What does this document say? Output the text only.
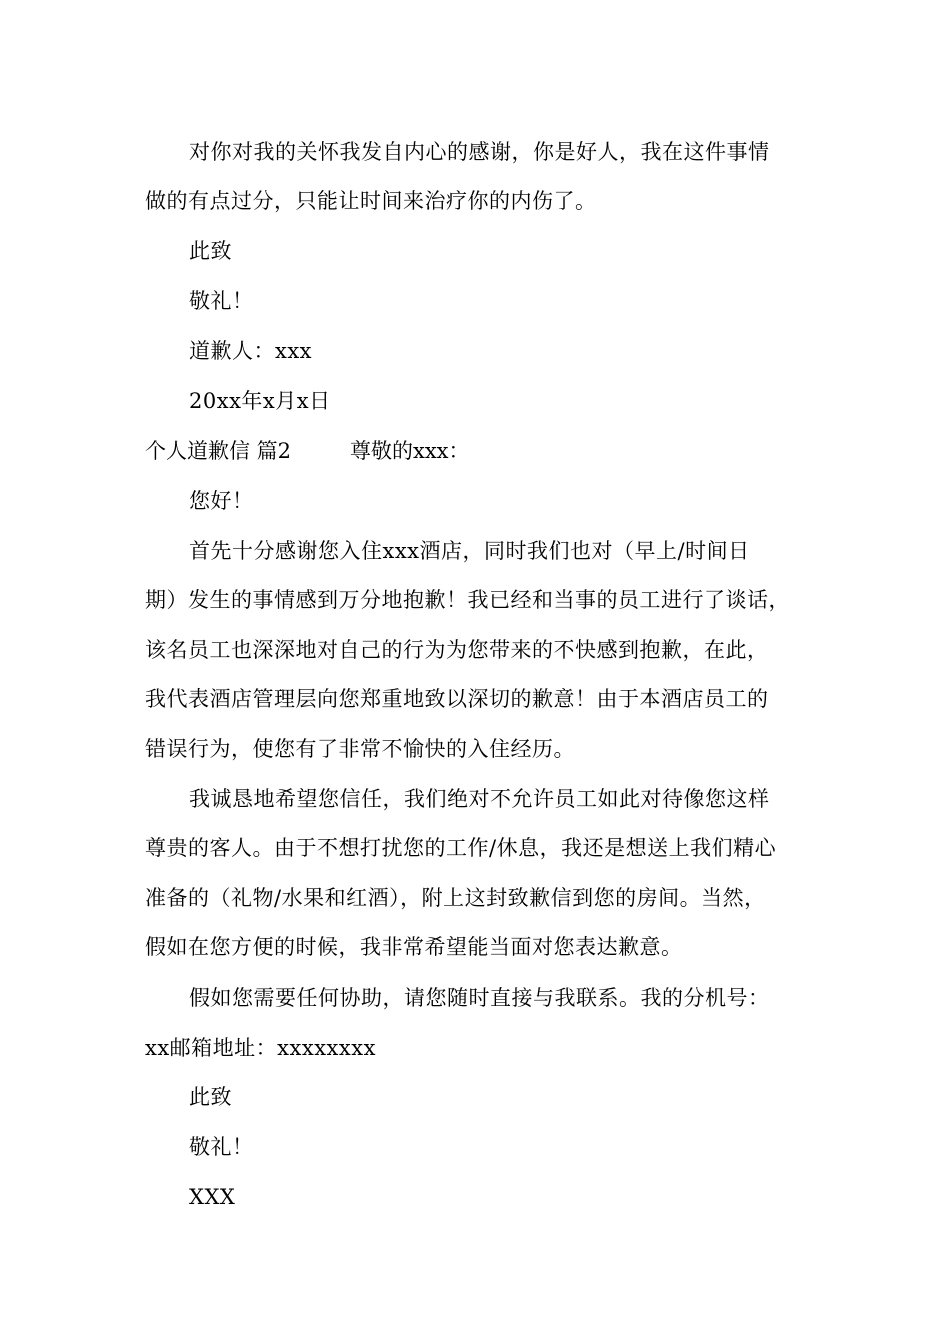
对你对我的关怀我发自内心的感谢，你是好人，我在这件事情
做的有点过分，只能让时间来治疗你的内伤了。
此致
敬礼！
道歉人：xxx
20xx年x月x日
个人道歉信 篇2	尊敬的xxx：
您好！
首先十分感谢您入住xxx酒店，同时我们也对（早上/时间日
期）发生的事情感到万分地抱歉！我已经和当事的员工进行了谈话，
该名员工也深深地对自己的行为为您带来的不快感到抱歉，在此，
我代表酒店管理层向您郑重地致以深切的歉意！由于本酒店员工的
错误行为，使您有了非常不愉快的入住经历。
我诚恳地希望您信任，我们绝对不允许员工如此对待像您这样
尊贵的客人。由于不想打扰您的工作/休息，我还是想送上我们精心
准备的（礼物/水果和红酒），附上这封致歉信到您的房间。当然，
假如在您方便的时候，我非常希望能当面对您表达歉意。
假如您需要任何协助，请您随时直接与我联系。我的分机号：
xx邮箱地址：xxxxxxxx
此致
敬礼！
XXX
